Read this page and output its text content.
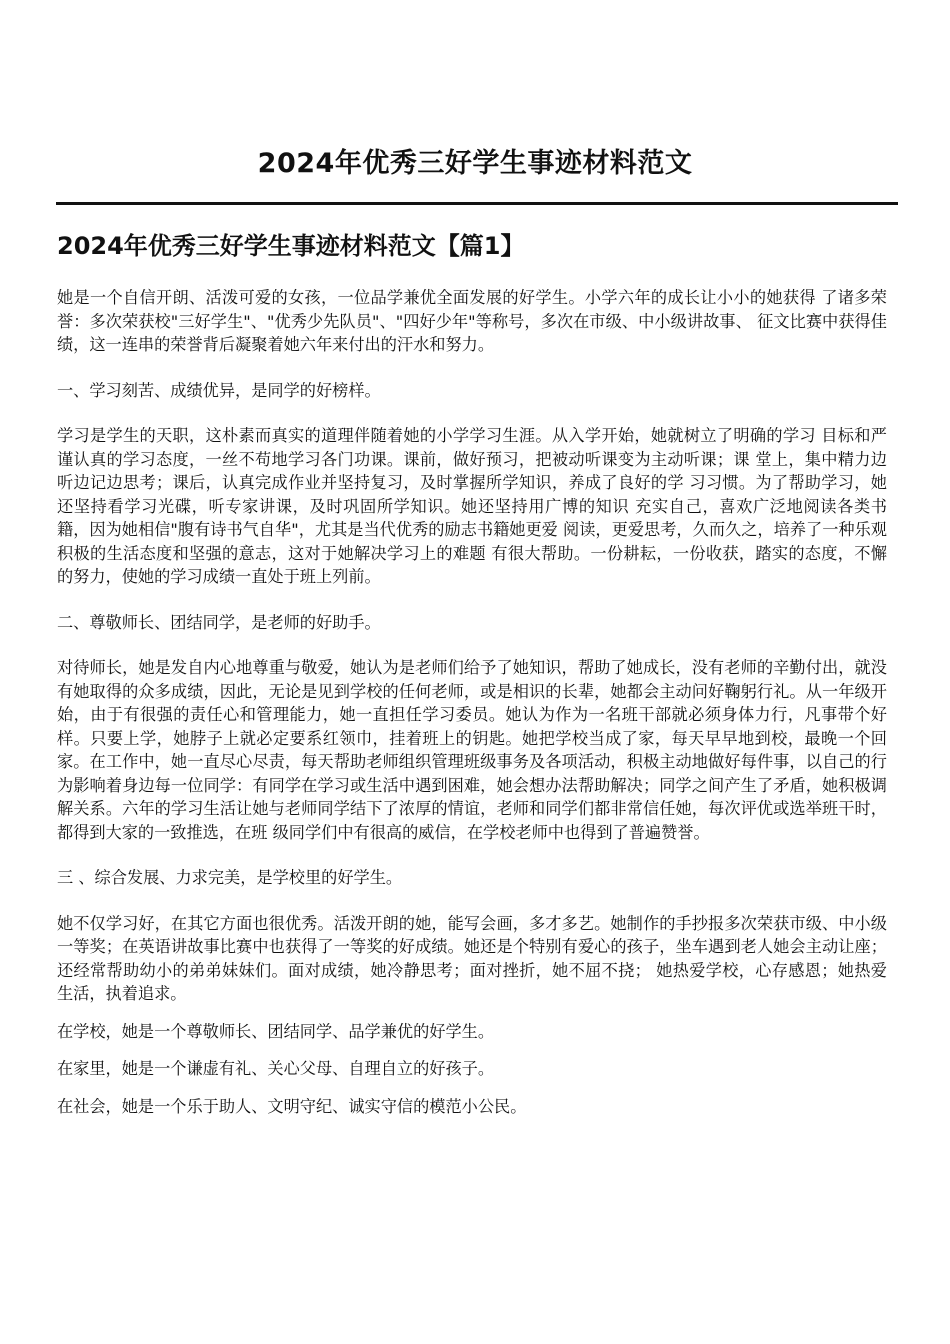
2024年优秀三好学生事迹材料范文
2024年优秀三好学生事迹材料范文【篇1】

她是一个自信开朗、活泼可爱的女孩，一位品学兼优全面发展的好学生。小学六年的成长让小小的她获得 了诸多荣誉：多次荣获校"三好学生"、"优秀少先队员"、"四好少年"等称号，多次在市级、中小级讲故事、 征文比赛中获得佳绩，这一连串的荣誉背后凝聚着她六年来付出的汗水和努力。

一、学习刻苦、成绩优异，是同学的好榜样。

学习是学生的天职，这朴素而真实的道理伴随着她的小学学习生涯。从入学开始，她就树立了明确的学习 目标和严谨认真的学习态度，一丝不苟地学习各门功课。课前，做好预习，把被动听课变为主动听课；课 堂上，集中精力边听边记边思考；课后，认真完成作业并坚持复习，及时掌握所学知识，养成了良好的学 习习惯。为了帮助学习，她还坚持看学习光碟，听专家讲课，及时巩固所学知识。她还坚持用广博的知识 充实自己，喜欢广泛地阅读各类书籍，因为她相信"腹有诗书气自华"，尤其是当代优秀的励志书籍她更爱 阅读，更爱思考，久而久之，培养了一种乐观积极的生活态度和坚强的意志，这对于她解决学习上的难题 有很大帮助。一份耕耘，一份收获，踏实的态度，不懈的努力，使她的学习成绩一直处于班上列前。

二、尊敬师长、团结同学，是老师的好助手。

对待师长，她是发自内心地尊重与敬爱，她认为是老师们给予了她知识，帮助了她成长，没有老师的辛勤付出，就没有她取得的众多成绩，因此，无论是见到学校的任何老师，或是相识的长辈，她都会主动问好鞠躬行礼。从一年级开始，由于有很强的责任心和管理能力，她一直担任学习委员。她认为作为一名班干部就必须身体力行，凡事带个好样。只要上学，她脖子上就必定要系红领巾，挂着班上的钥匙。她把学校当成了家，每天早早地到校，最晚一个回家。在工作中，她一直尽心尽责，每天帮助老师组织管理班级事务及各项活动，积极主动地做好每件事，以自己的行为影响着身边每一位同学：有同学在学习或生活中遇到困难，她会想办法帮助解决；同学之间产生了矛盾，她积极调解关系。六年的学习生活让她与老师同学结下了浓厚的情谊，老师和同学们都非常信任她，每次评优或选举班干时，都得到大家的一致推选，在班 级同学们中有很高的威信，在学校老师中也得到了普遍赞誉。

三 、综合发展、力求完美，是学校里的好学生。

她不仅学习好，在其它方面也很优秀。活泼开朗的她，能写会画，多才多艺。她制作的手抄报多次荣获市级、中小级一等奖；在英语讲故事比赛中也获得了一等奖的好成绩。她还是个特别有爱心的孩子，坐车遇到老人她会主动让座；还经常帮助幼小的弟弟妹妹们。面对成绩，她冷静思考；面对挫折，她不屈不挠； 她热爱学校，心存感恩；她热爱生活，执着追求。

在学校，她是一个尊敬师长、团结同学、品学兼优的好学生。

在家里，她是一个谦虚有礼、关心父母、自理自立的好孩子。

在社会，她是一个乐于助人、文明守纪、诚实守信的模范小公民。
